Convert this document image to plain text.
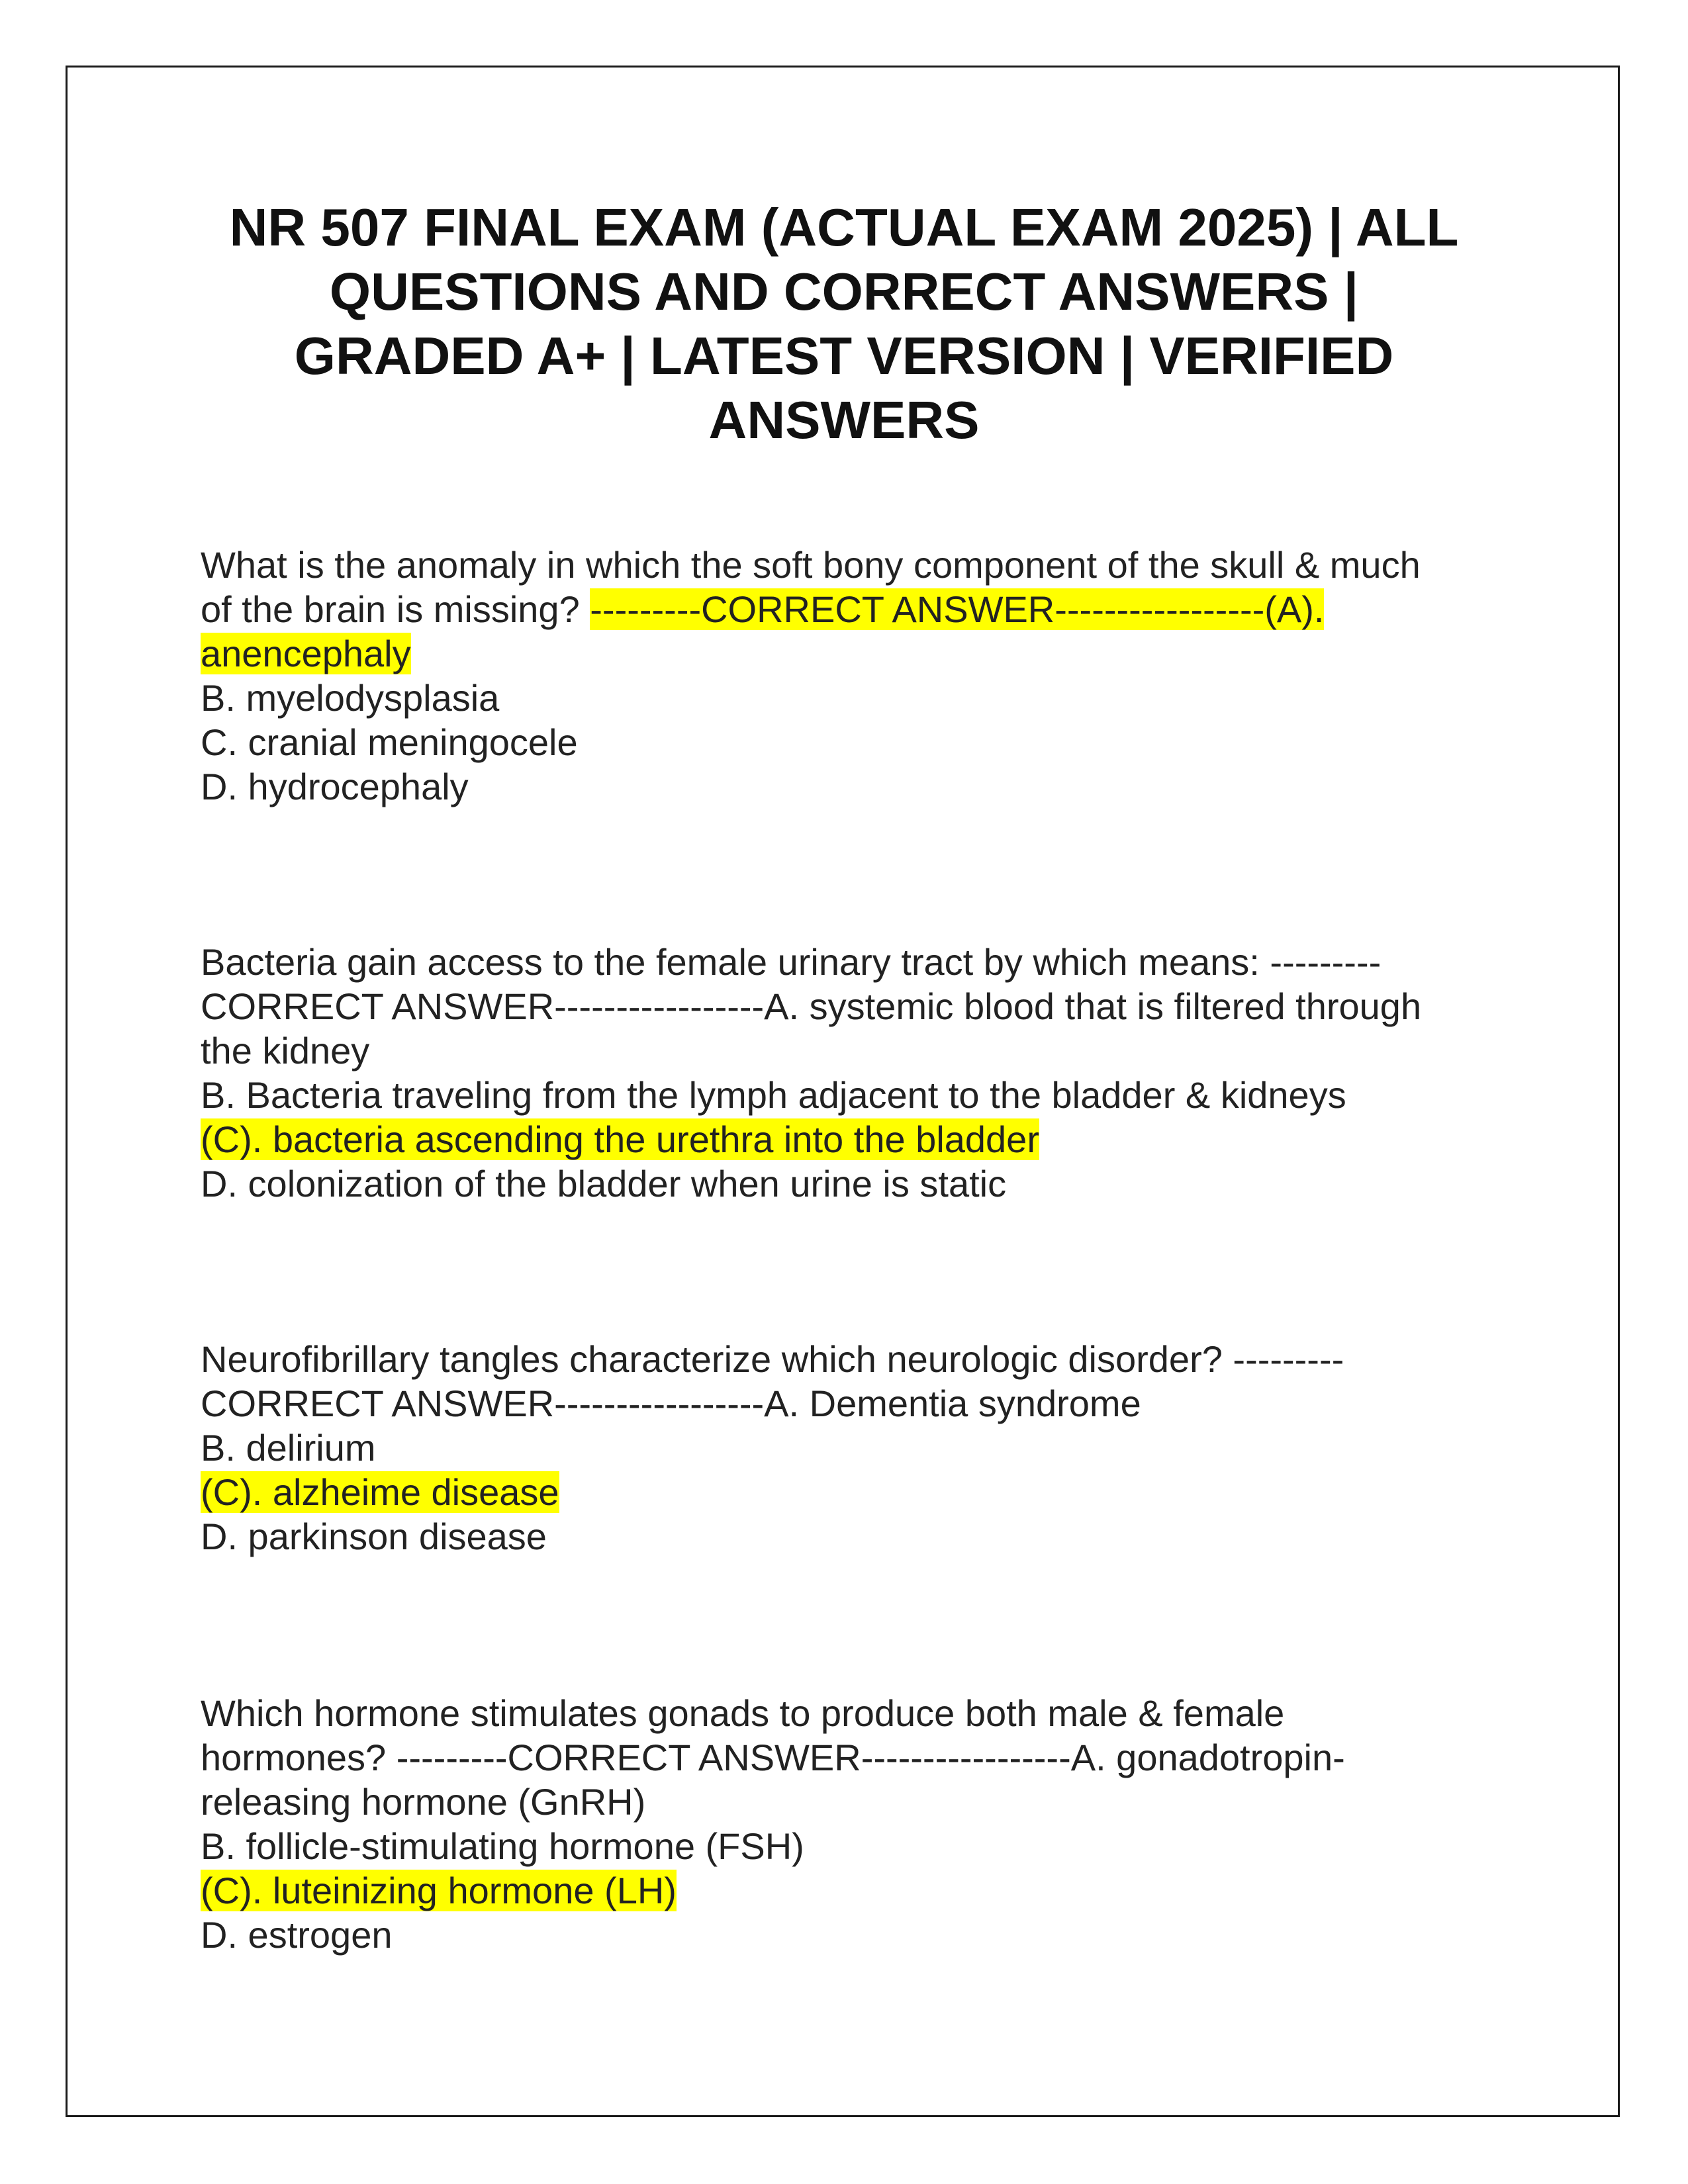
NR 507 FINAL EXAM (ACTUAL EXAM 2025) | ALL
QUESTIONS AND CORRECT ANSWERS |
GRADED A+ | LATEST VERSION | VERIFIED
ANSWERS
What is the anomaly in which the soft bony component of the skull & much
of the brain is missing? ---------CORRECT ANSWER-----------------(A).
anencephaly
B. myelodysplasia
C. cranial meningocele
D. hydrocephaly
Bacteria gain access to the female urinary tract by which means: ---------
CORRECT ANSWER-----------------A. systemic blood that is filtered through
the kidney
B. Bacteria traveling from the lymph adjacent to the bladder & kidneys
(C). bacteria ascending the urethra into the bladder
D. colonization of the bladder when urine is static
Neurofibrillary tangles characterize which neurologic disorder? ---------
CORRECT ANSWER-----------------A. Dementia syndrome
B. delirium
(C). alzheime disease
D. parkinson disease
Which hormone stimulates gonads to produce both male & female
hormones? ---------CORRECT ANSWER-----------------A. gonadotropin-
releasing hormone (GnRH)
B. follicle-stimulating hormone (FSH)
(C). luteinizing hormone (LH)
D. estrogen
